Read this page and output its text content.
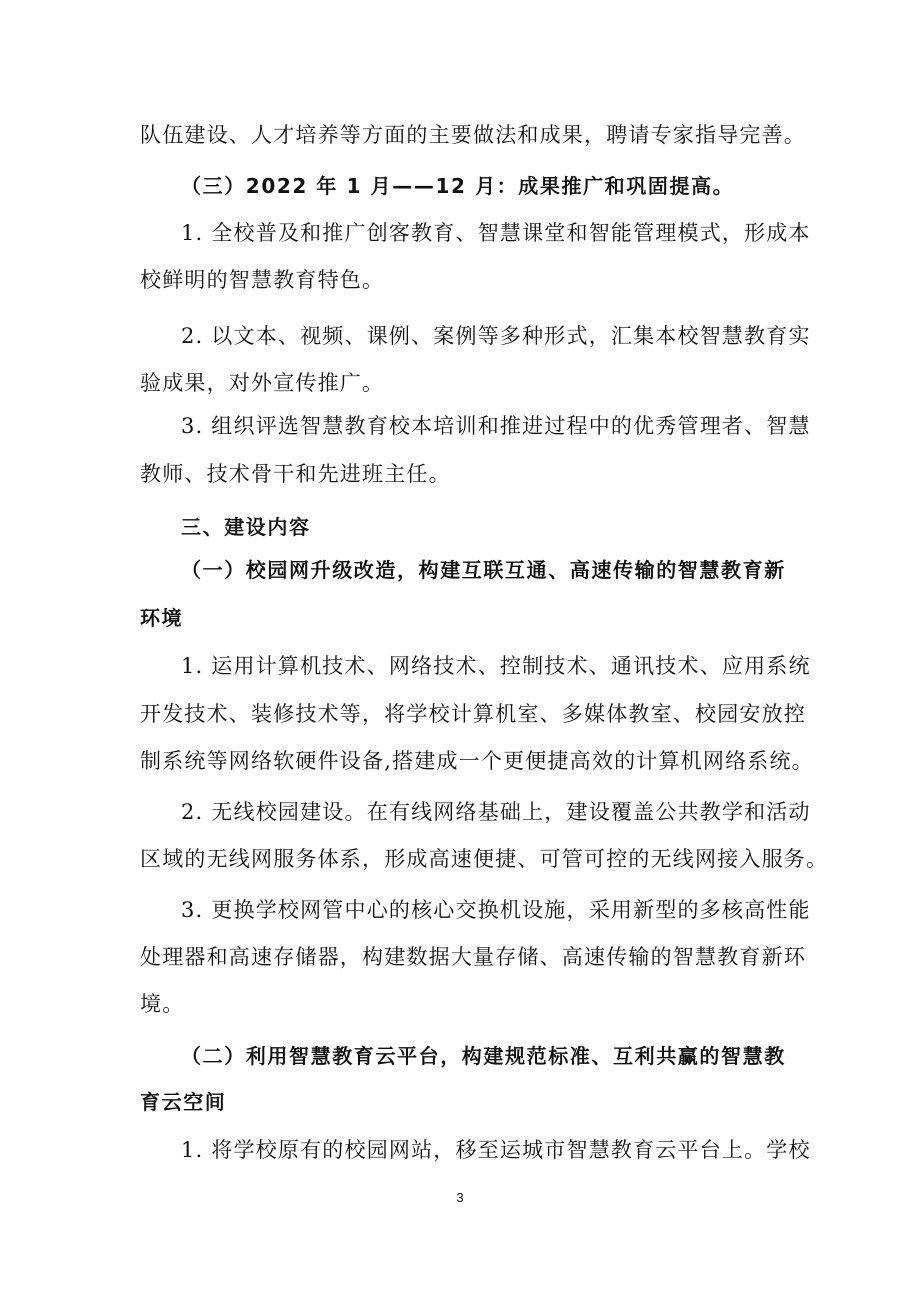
队伍建设、人才培养等方面的主要做法和成果，聘请专家指导完善。
（三）2022 年 1 月——12 月：成果推广和巩固提高。
1. 全校普及和推广创客教育、智慧课堂和智能管理模式，形成本
校鲜明的智慧教育特色。
2. 以文本、视频、课例、案例等多种形式，汇集本校智慧教育实
验成果，对外宣传推广。
3. 组织评选智慧教育校本培训和推进过程中的优秀管理者、智慧
教师、技术骨干和先进班主任。
三、建设内容
（一）校园网升级改造，构建互联互通、高速传输的智慧教育新
环境
1. 运用计算机技术、网络技术、控制技术、通讯技术、应用系统
开发技术、装修技术等，将学校计算机室、多媒体教室、校园安放控
制系统等网络软硬件设备,搭建成一个更便捷高效的计算机网络系统。
2. 无线校园建设。在有线网络基础上，建设覆盖公共教学和活动
区域的无线网服务体系，形成高速便捷、可管可控的无线网接入服务。
3. 更换学校网管中心的核心交换机设施，采用新型的多核高性能
处理器和高速存储器，构建数据大量存储、高速传输的智慧教育新环
境。
（二）利用智慧教育云平台，构建规范标准、互利共赢的智慧教
育云空间
1. 将学校原有的校园网站，移至运城市智慧教育云平台上。学校
3
